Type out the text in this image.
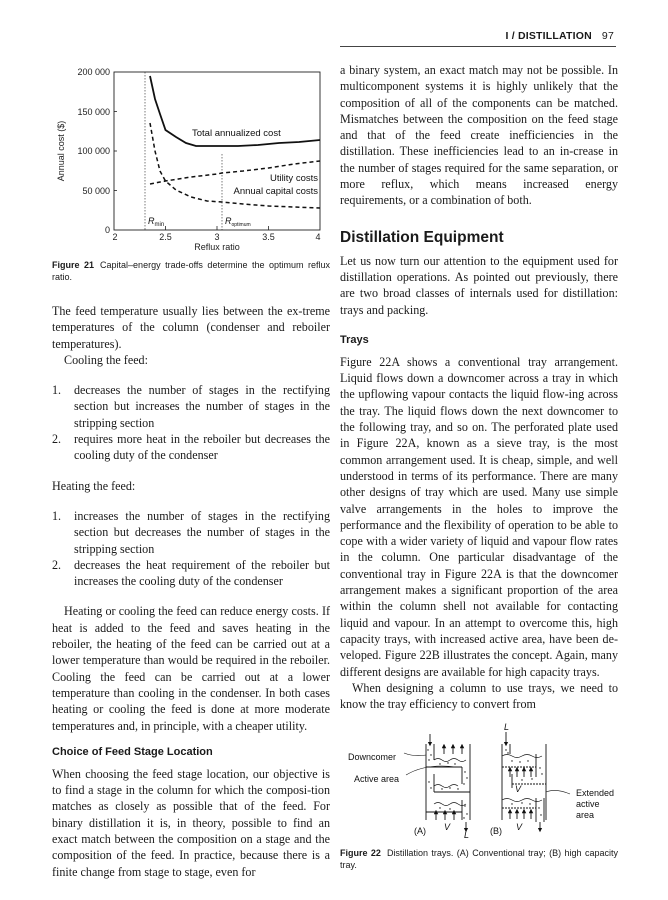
I / DISTILLATION 97
0
50 000
100 000
150 000
200 000
2	2.5	3	3.5	4
Reflux ratio
Annual cost ($)	Total annualized cost
Utility costs
Annual capital costs
$R_{min}$	$R_{optimum}$
Figure 21 Capital–energy trade-offs determine the optimum reflux ratio.

The feed temperature usually lies between the ex-treme temperatures of the column (condenser and reboiler temperatures).

Cooling the feed:

1. decreases the number of stages in the rectifying section but increases the number of stages in the stripping section
2. requires more heat in the reboiler but decreases the cooling duty of the condenser

Heating the feed:

1. increases the number of stages in the rectifying section but decreases the number of stages in the stripping section
2. decreases the heat requirement of the reboiler but increases the cooling duty of the condenser

Heating or cooling the feed can reduce energy costs. If heat is added to the feed and saves heating in the reboiler, the heating of the feed can be carried out at a lower temperature than would be required in the reboiler. Cooling the feed can be carried out at a lower temperature than cooling in the condenser. In both cases heating or cooling the feed is done at more moderate temperatures and, in principle, with a cheaper utility.

Choice of Feed Stage Location

When choosing the feed stage location, our objective is to find a stage in the column for which the composi-tion matches as closely as possible that of the feed. For binary distillation it is, in theory, possible to find an exact match between the composition on a stage and the composition of the feed. In practice, because there is a finite change from stage to stage, even for

a binary system, an exact match may not be possible. In multicomponent systems it is highly unlikely that the composition of all of the components can be matched. Mismatches between the composition on the feed stage and that of the feed create inefficiencies in the distillation. These inefficiencies lead to an in-crease in the number of stages required for the same separation, or more reflux, which means increased energy requirements, or a combination of both.

Distillation Equipment

Let us now turn our attention to the equipment used for distillation operations. As pointed out previously, there are two broad classes of internals used for distillation: trays and packing.

Trays

Figure 22A shows a conventional tray arrangement. Liquid flows down a downcomer across a tray in which the upflowing vapour contacts the liquid flow-ing across the tray. The liquid flows down the next downcomer to the following tray, and so on. The perforated plate used in Figure 22A, known as a sieve tray, is the most common arrangement used. It is cheap, simple, and well understood in terms of its performance. There are many other designs of tray which are used. Many use simple valve arrangements in the holes to improve the performance and the flexibility of operation to be able to cope with a wider variety of liquid and vapour flow rates in the column. One particular disadvantage of the conventional tray in Figure 22A is that the downcomer arrangement makes a significant proportion of the area within the column shell not available for contacting liquid and vapour. In an attempt to overcome this, high capacity trays, with increased active area, have been de-veloped. Figure 22B illustrates the concept. Again, many different designs are available for high capacity trays.

When designing a column to use trays, we need to know the tray efficiency to convert from

Downcomer
Active area
Extended
active
area
(A)	(B)
V
L
V
V
L
Figure 22 Distillation trays. (A) Conventional tray; (B) high capacity tray.
